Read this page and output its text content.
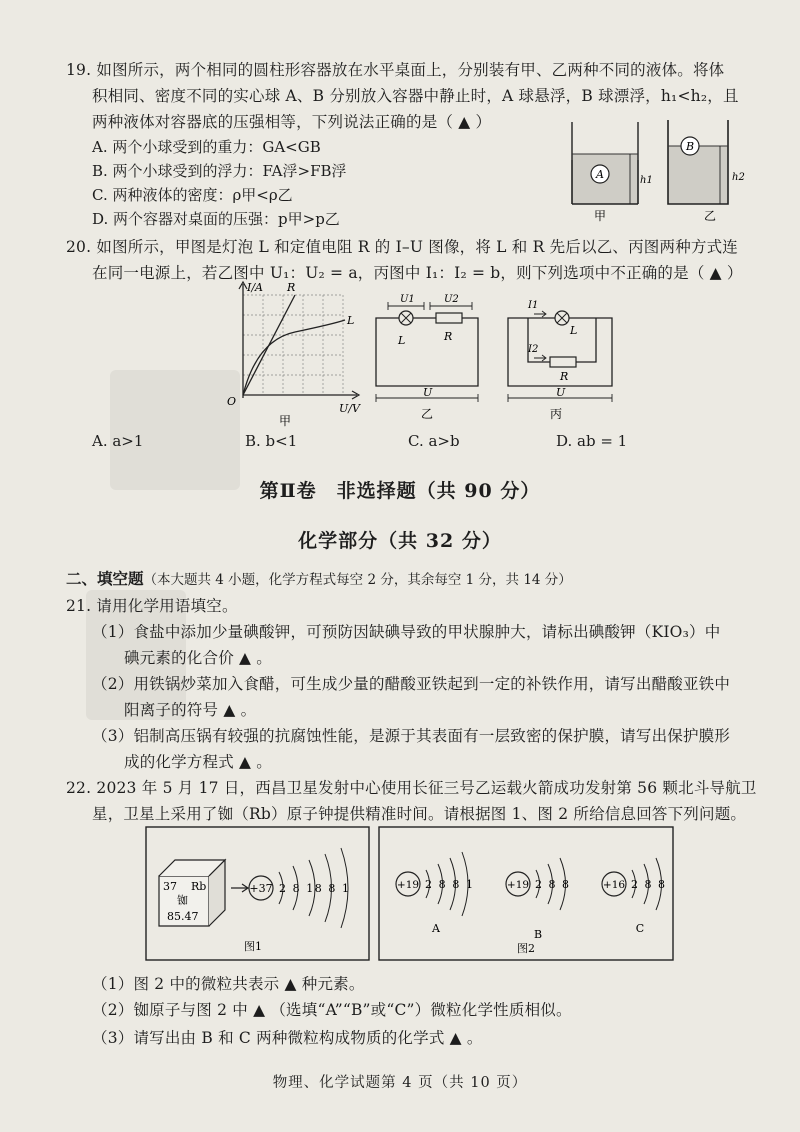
19. 如图所示，两个相同的圆柱形容器放在水平桌面上，分别装有甲、乙两种不同的液体。将体
积相同、密度不同的实心球 A、B 分别放入容器中静止时，A 球悬浮，B 球漂浮，h₁<h₂，且
两种液体对容器底的压强相等，下列说法正确的是（ ▲ ）
A. 两个小球受到的重力：GA<GB
B. 两个小球受到的浮力：FA浮>FB浮
C. 两种液体的密度：ρ甲<ρ乙
D. 两个容器对桌面的压强：p甲>p乙
A	h1
甲
B
h2
乙
20. 如图所示，甲图是灯泡 L 和定值电阻 R 的 I–U 图像，将 L 和 R 先后以乙、丙图两种方式连
在同一电源上，若乙图中 U₁：U₂ = a，丙图中 I₁：I₂ = b，则下列选项中不正确的是（ ▲ ）
I/A
U/V
O
R
L
甲
L	R
U1	U2
U
乙
L
R
I1
I2
U
丙
A. a>1	B. b<1	C. a>b	D. ab = 1
第Ⅱ卷　非选择题（共 90 分）
化学部分（共 32 分）
二、填空题（本大题共 4 小题，化学方程式每空 2 分，其余每空 1 分，共 14 分）
21. 请用化学用语填空。
（1）食盐中添加少量碘酸钾，可预防因缺碘导致的甲状腺肿大，请标出碘酸钾（KIO₃）中
碘元素的化合价 ▲ 。
（2）用铁锅炒菜加入食醋，可生成少量的醋酸亚铁起到一定的补铁作用，请写出醋酸亚铁中
阳离子的符号 ▲ 。
（3）铝制高压锅有较强的抗腐蚀性能，是源于其表面有一层致密的保护膜，请写出保护膜形
成的化学方程式 ▲ 。
22. 2023 年 5 月 17 日，西昌卫星发射中心使用长征三号乙运载火箭成功发射第 56 颗北斗导航卫
星，卫星上采用了铷（Rb）原子钟提供精准时间。请根据图 1、图 2 所给信息回答下列问题。
37 Rb
铷
85.47
+37 2 8 18 8 1
图1
+19 2 8 8 1
A
+19 2 8 8
B
+16 2 8 8
C
图2
（1）图 2 中的微粒共表示 ▲ 种元素。
（2）铷原子与图 2 中 ▲ （选填“A”“B”或“C”）微粒化学性质相似。
（3）请写出由 B 和 C 两种微粒构成物质的化学式 ▲ 。
物理、化学试题第 4 页（共 10 页）
